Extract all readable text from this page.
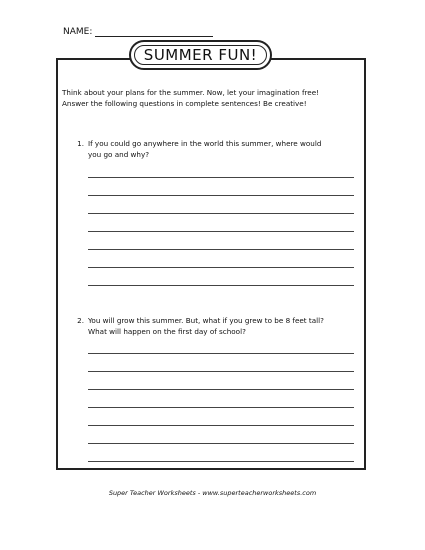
NAME:
SUMMER FUN!
Think about your plans for the summer. Now, let your imagination free!
Answer the following questions in complete sentences! Be creative!
1. If you could go anywhere in the world this summer, where would
you go and why?
2. You will grow this summer. But, what if you grew to be 8 feet tall?
What will happen on the first day of school?
Super Teacher Worksheets - www.superteacherworksheets.com
